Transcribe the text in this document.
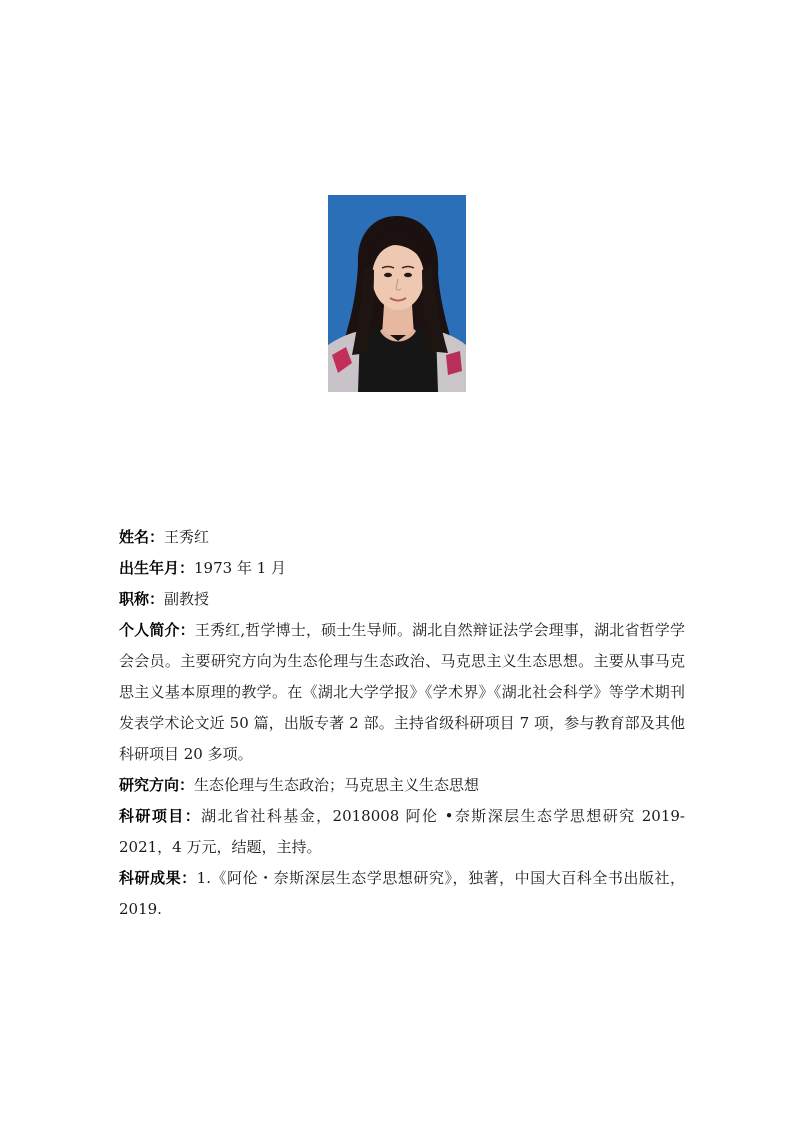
姓名：王秀红

出生年月：1973 年 1 月

职称：副教授

个人简介：王秀红,哲学博士，硕士生导师。湖北自然辩证法学会理事，湖北省哲学学会会员。主要研究方向为生态伦理与生态政治、马克思主义生态思想。主要从事马克思主义基本原理的教学。在《湖北大学学报》《学术界》《湖北社会科学》等学术期刊发表学术论文近 50 篇，出版专著 2 部。主持省级科研项目 7 项，参与教育部及其他科研项目 20 多项。

研究方向：生态伦理与生态政治；马克思主义生态思想

科研项目：湖北省社科基金，2018008 阿伦 •奈斯深层生态学思想研究 2019-2021，4 万元，结题，主持。

科研成果：1.《阿伦・奈斯深层生态学思想研究》，独著，中国大百科全书出版社，2019.
